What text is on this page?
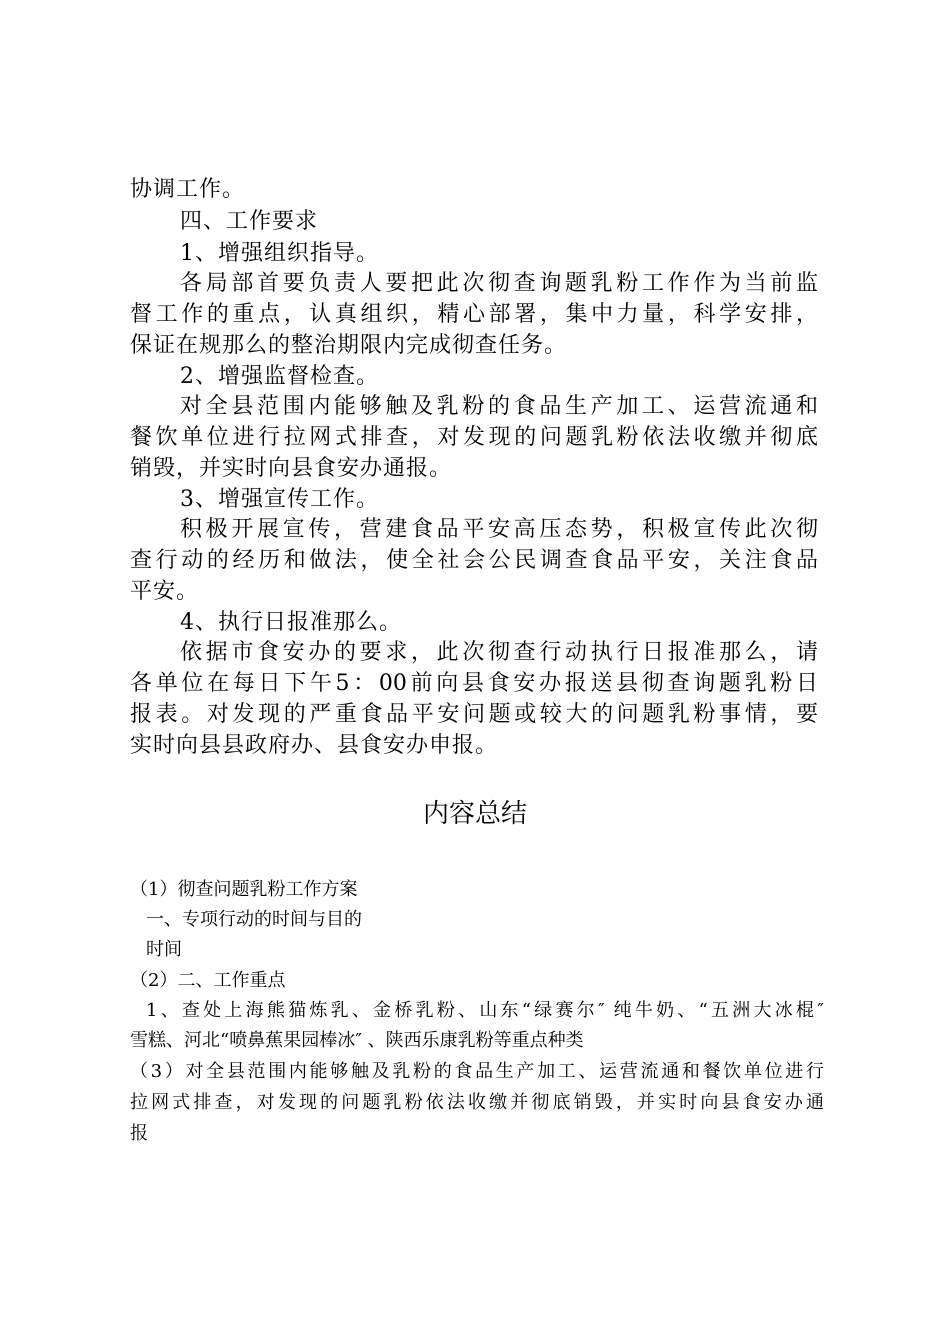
协调工作。
四、工作要求
1、增强组织指导。
各局部首要负责人要把此次彻查询题乳粉工作作为当前监
督工作的重点，认真组织，精心部署，集中力量，科学安排，
保证在规那么的整治期限内完成彻查任务。
2、增强监督检查。
对全县范围内能够触及乳粉的食品生产加工、运营流通和
餐饮单位进行拉网式排查，对发现的问题乳粉依法收缴并彻底
销毁，并实时向县食安办通报。
3、增强宣传工作。
积极开展宣传，营建食品平安高压态势，积极宣传此次彻
查行动的经历和做法，使全社会公民调查食品平安，关注食品
平安。
4、执行日报准那么。
依据市食安办的要求，此次彻查行动执行日报准那么，请
各单位在每日下午5：00前向县食安办报送县彻查询题乳粉日
报表。对发现的严重食品平安问题或较大的问题乳粉事情，要
实时向县县政府办、县食安办申报。
内容总结
（1）彻查问题乳粉工作方案
一、专项行动的时间与目的
时间
（2）二、工作重点
1、查处上海熊猫炼乳、金桥乳粉、山东“绿赛尔″ 纯牛奶、“五洲大冰棍″
雪糕、河北“喷鼻蕉果园棒冰″ 、陕西乐康乳粉等重点种类
（3）对全县范围内能够触及乳粉的食品生产加工、运营流通和餐饮单位进行
拉网式排查，对发现的问题乳粉依法收缴并彻底销毁，并实时向县食安办通
报
